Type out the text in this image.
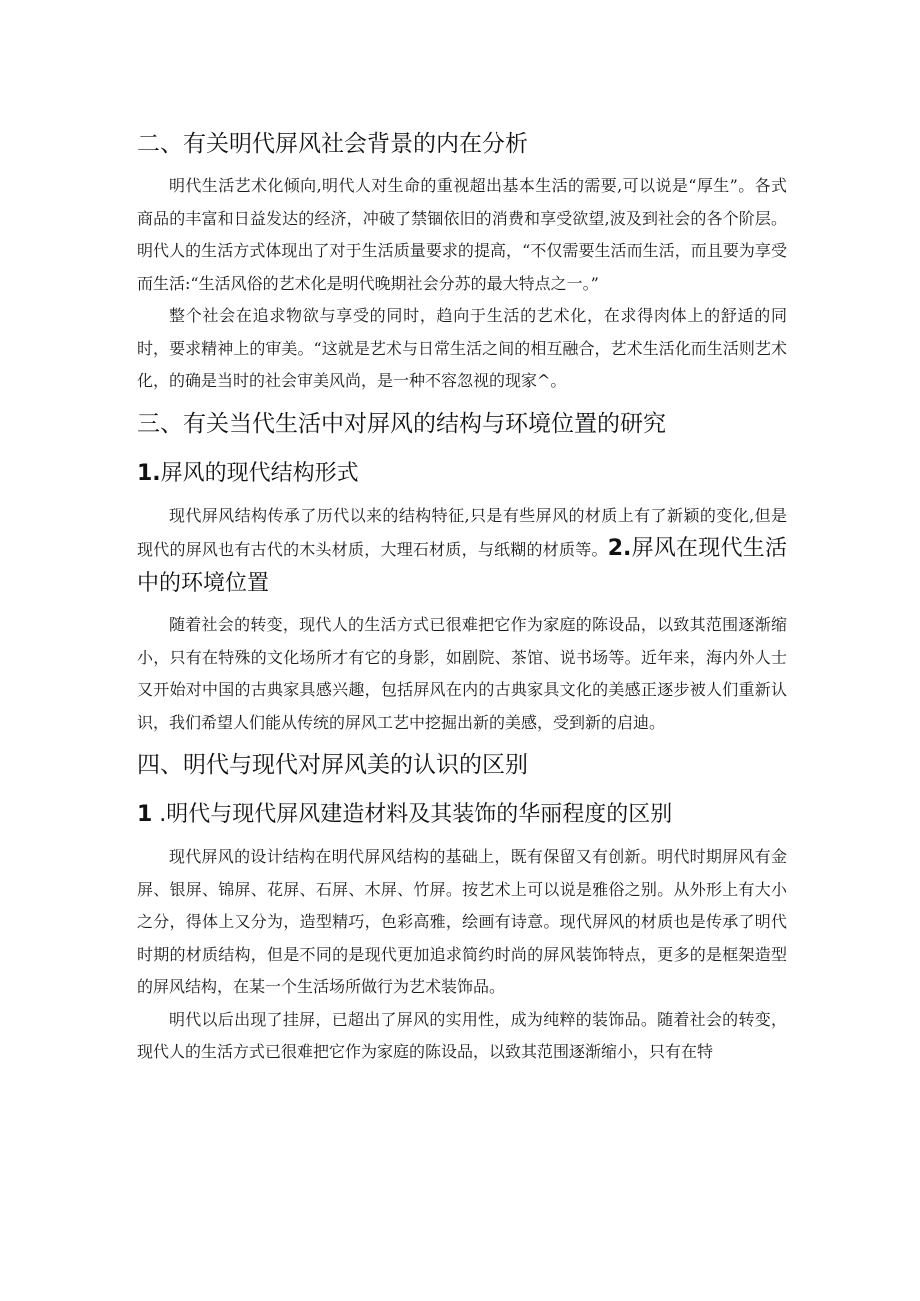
二、有关明代屏风社会背景的内在分析

明代生活艺术化倾向,明代人对生命的重视超出基本生活的需要,可以说是“厚生”。各式商品的丰富和日益发达的经济，冲破了禁锢依旧的消费和享受欲望,波及到社会的各个阶层。明代人的生活方式体现出了对于生活质量要求的提高，“不仅需要生活而生活，而且要为享受而生活:“生活风俗的艺术化是明代晚期社会分苏的最大特点之一。”

整个社会在追求物欲与享受的同时，趋向于生活的艺术化，在求得肉体上的舒适的同时，要求精神上的审美。“这就是艺术与日常生活之间的相互融合，艺术生活化而生活则艺术化，的确是当时的社会审美风尚，是一种不容忽视的现家^。

三、有关当代生活中对屏风的结构与环境位置的研究
1.屏风的现代结构形式

现代屏风结构传承了历代以来的结构特征,只是有些屏风的材质上有了新颖的变化,但是现代的屏风也有古代的木头材质，大理石材质，与纸糊的材质等。2.屏风在现代生活中的环境位置

随着社会的转变，现代人的生活方式已很难把它作为家庭的陈设品，以致其范围逐渐缩小，只有在特殊的文化场所才有它的身影，如剧院、茶馆、说书场等。近年来，海内外人士又开始对中国的古典家具感兴趣，包括屏风在内的古典家具文化的美感正逐步被人们重新认识，我们希望人们能从传统的屏风工艺中挖掘出新的美感，受到新的启迪。

四、明代与现代对屏风美的认识的区别
1 .明代与现代屏风建造材料及其装饰的华丽程度的区别

现代屏风的设计结构在明代屏风结构的基础上，既有保留又有创新。明代时期屏风有金屏、银屏、锦屏、花屏、石屏、木屏、竹屏。按艺术上可以说是雅俗之别。从外形上有大小之分，得体上又分为，造型精巧，色彩高雅，绘画有诗意。现代屏风的材质也是传承了明代时期的材质结构，但是不同的是现代更加追求简约时尚的屏风装饰特点，更多的是框架造型的屏风结构，在某一个生活场所做行为艺术装饰品。

明代以后出现了挂屏，已超出了屏风的实用性，成为纯粹的装饰品。随着社会的转变，现代人的生活方式已很难把它作为家庭的陈设品，以致其范围逐渐缩小，只有在特
